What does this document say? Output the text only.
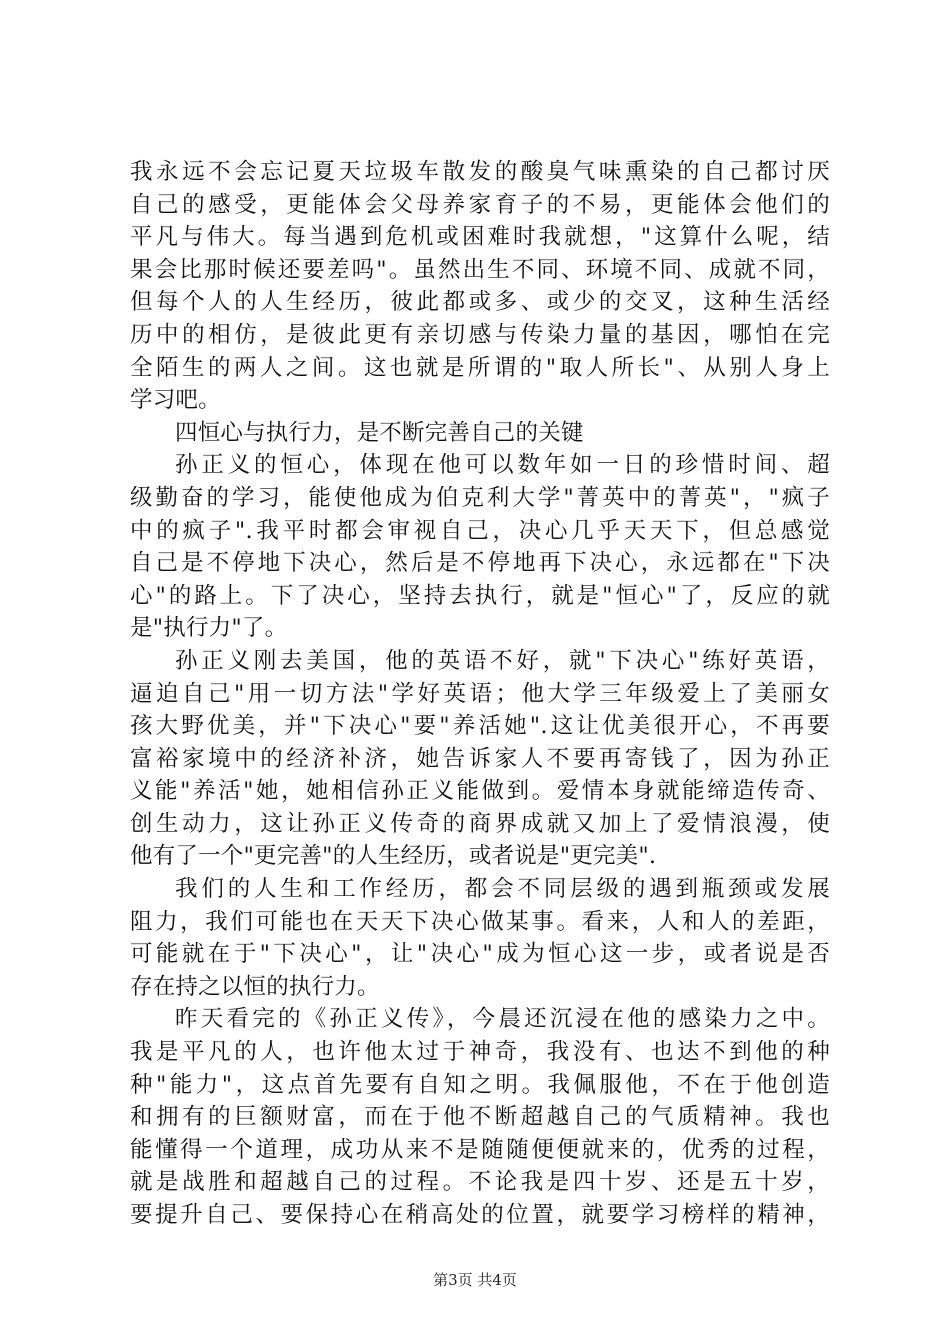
我永远不会忘记夏天垃圾车散发的酸臭气味熏染的自己都讨厌
自己的感受，更能体会父母养家育子的不易，更能体会他们的
平凡与伟大。每当遇到危机或困难时我就想，"这算什么呢，结
果会比那时候还要差吗"。虽然出生不同、环境不同、成就不同，
但每个人的人生经历，彼此都或多、或少的交叉，这种生活经
历中的相仿，是彼此更有亲切感与传染力量的基因，哪怕在完
全陌生的两人之间。这也就是所谓的"取人所长"、从别人身上
学习吧。
四恒心与执行力，是不断完善自己的关键
孙正义的恒心，体现在他可以数年如一日的珍惜时间、超
级勤奋的学习，能使他成为伯克利大学"菁英中的菁英"，"疯子
中的疯子".我平时都会审视自己，决心几乎天天下，但总感觉
自己是不停地下决心，然后是不停地再下决心，永远都在"下决
心"的路上。下了决心，坚持去执行，就是"恒心"了，反应的就
是"执行力"了。
孙正义刚去美国，他的英语不好，就"下决心"练好英语，
逼迫自己"用一切方法"学好英语；他大学三年级爱上了美丽女
孩大野优美，并"下决心"要"养活她".这让优美很开心，不再要
富裕家境中的经济补济，她告诉家人不要再寄钱了，因为孙正
义能"养活"她，她相信孙正义能做到。爱情本身就能缔造传奇、
创生动力，这让孙正义传奇的商界成就又加上了爱情浪漫，使
他有了一个"更完善"的人生经历，或者说是"更完美".
我们的人生和工作经历，都会不同层级的遇到瓶颈或发展
阻力，我们可能也在天天下决心做某事。看来，人和人的差距，
可能就在于"下决心"，让"决心"成为恒心这一步，或者说是否
存在持之以恒的执行力。
昨天看完的《孙正义传》，今晨还沉浸在他的感染力之中。
我是平凡的人，也许他太过于神奇，我没有、也达不到他的种
种"能力"，这点首先要有自知之明。我佩服他，不在于他创造
和拥有的巨额财富，而在于他不断超越自己的气质精神。我也
能懂得一个道理，成功从来不是随随便便就来的，优秀的过程，
就是战胜和超越自己的过程。不论我是四十岁、还是五十岁，
要提升自己、要保持心在稍高处的位置，就要学习榜样的精神，
第3页 共4页
